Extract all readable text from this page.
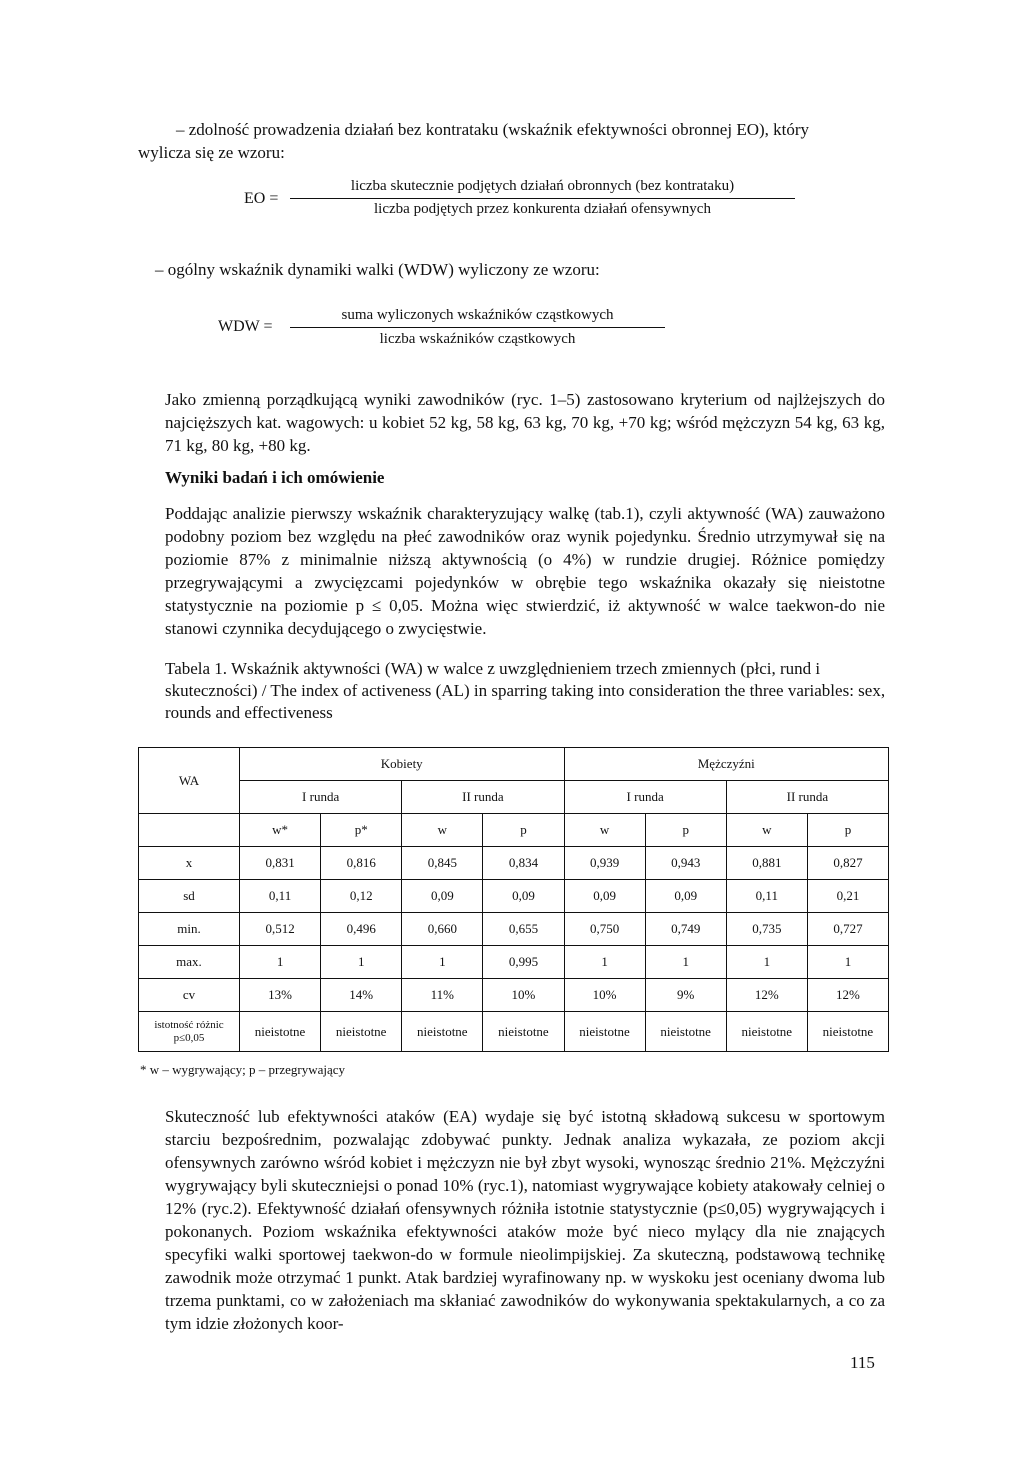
– zdolność prowadzenia działań bez kontrataku (wskaźnik efektywności obronnej EO), który
wylicza się ze wzoru:
EO =
liczba skutecznie podjętych działań obronnych (bez kontrataku)
liczba podjętych przez konkurenta działań ofensywnych
– ogólny wskaźnik dynamiki walki (WDW) wyliczony ze wzoru:
WDW =
suma wyliczonych wskaźników cząstkowych
liczba wskaźników cząstkowych
Jako zmienną porządkującą wyniki zawodników (ryc. 1–5) zastosowano kryterium od najlżejszych do najcięższych kat. wagowych: u kobiet 52 kg, 58 kg, 63 kg, 70 kg, +70 kg; wśród mężczyzn 54 kg, 63 kg, 71 kg, 80 kg, +80 kg.
Wyniki badań i ich omówienie
Poddając analizie pierwszy wskaźnik charakteryzujący walkę (tab.1), czyli aktywność (WA) zauważono podobny poziom bez względu na płeć zawodników oraz wynik pojedynku. Średnio utrzymywał się na poziomie 87% z minimalnie niższą aktywnością (o 4%) w rundzie drugiej. Różnice pomiędzy przegrywającymi a zwycięzcami pojedynków w obrębie tego wskaźnika okazały się nieistotne statystycznie na poziomie p ≤ 0,05. Można więc stwierdzić, iż aktywność w walce taekwon-do nie stanowi czynnika decydującego o zwycięstwie.
Tabela 1. Wskaźnik aktywności (WA) w walce z uwzględnieniem trzech zmiennych (płci, rund i skuteczności) / The index of activeness (AL) in sparring taking into consideration the three variables: sex, rounds and effectiveness
WA	Kobiety				Mężczyźni			
	I runda		II runda		I runda		II runda	
	w*	p*	w	p	w	p	w	p
x	0,831	0,816	0,845	0,834	0,939	0,943	0,881	0,827
sd	0,11	0,12	0,09	0,09	0,09	0,09	0,11	0,21
min.	0,512	0,496	0,660	0,655	0,750	0,749	0,735	0,727
max.	1	1	1	0,995	1	1	1	1
cv	13%	14%	11%	10%	10%	9%	12%	12%
istotność różnic p≤0,05	nieistotne	nieistotne	nieistotne	nieistotne	nieistotne	nieistotne	nieistotne	nieistotne
* w – wygrywający; p – przegrywający
Skuteczność lub efektywności ataków (EA) wydaje się być istotną składową sukcesu w sportowym starciu bezpośrednim, pozwalając zdobywać punkty. Jednak analiza wykazała, ze poziom akcji ofensywnych zarówno wśród kobiet i mężczyzn nie był zbyt wysoki, wynosząc średnio 21%. Mężczyźni wygrywający byli skuteczniejsi o ponad 10% (ryc.1), natomiast wygrywające kobiety atakowały celniej o 12% (ryc.2). Efektywność działań ofensywnych różniła istotnie statystycznie (p≤0,05) wygrywających i pokonanych. Poziom wskaźnika efektywności ataków może być nieco mylący dla nie znających specyfiki walki sportowej taekwon-do w formule nieolimpijskiej. Za skuteczną, podstawową technikę zawodnik może otrzymać 1 punkt. Atak bardziej wyrafinowany np. w wyskoku jest oceniany dwoma lub trzema punktami, co w założeniach ma skłaniać zawodników do wykonywania spektakularnych, a co za tym idzie złożonych koor-
115
